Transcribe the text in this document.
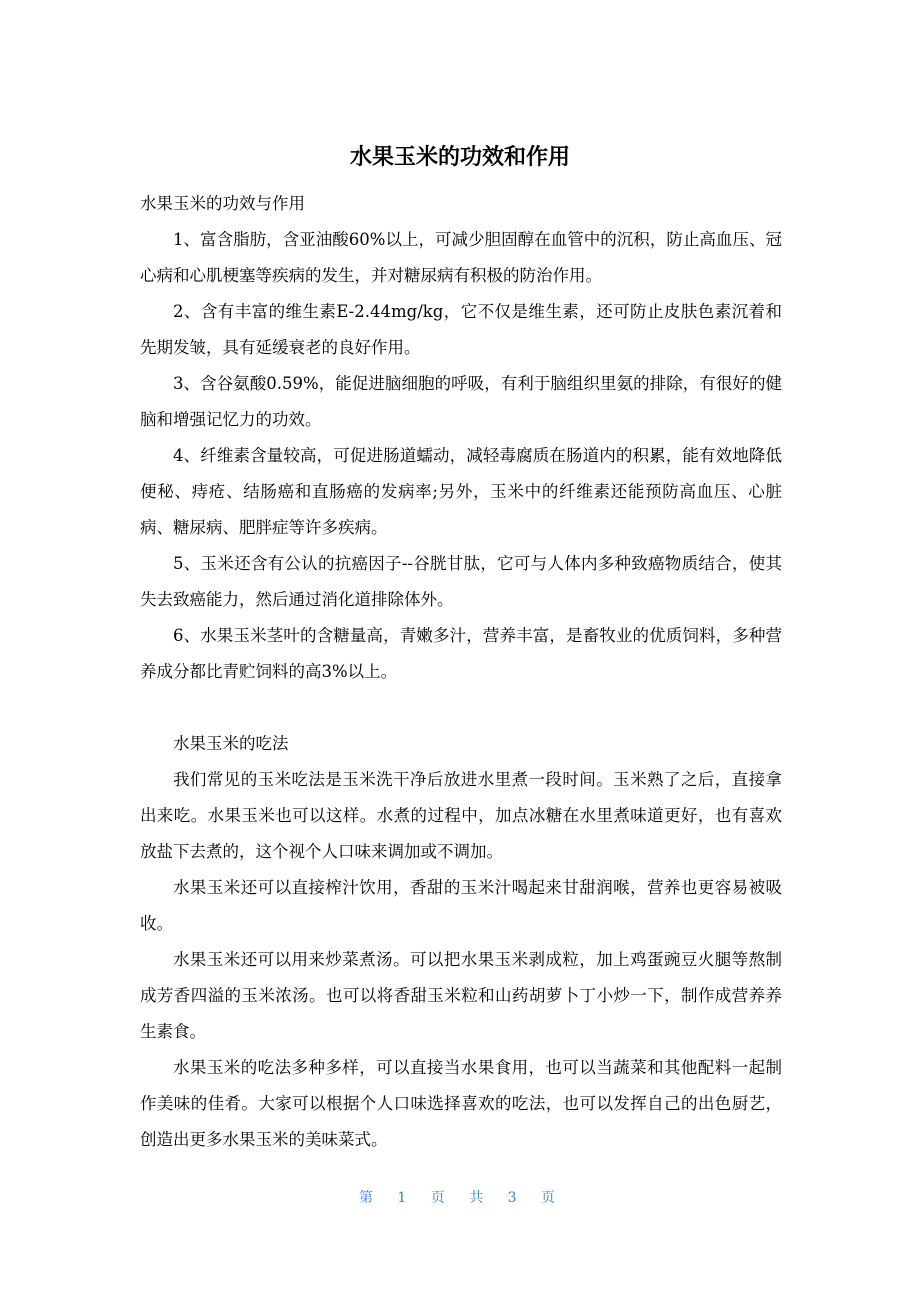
水果玉米的功效和作用

水果玉米的功效与作用

1、富含脂肪，含亚油酸60%以上，可减少胆固醇在血管中的沉积，防止高血压、冠心病和心肌梗塞等疾病的发生，并对糖尿病有积极的防治作用。

2、含有丰富的维生素E-2.44mg/kg，它不仅是维生素，还可防止皮肤色素沉着和先期发皱，具有延缓衰老的良好作用。

3、含谷氨酸0.59%，能促进脑细胞的呼吸，有利于脑组织里氨的排除，有很好的健脑和增强记忆力的功效。

4、纤维素含量较高，可促进肠道蠕动，减轻毒腐质在肠道内的积累，能有效地降低便秘、痔疮、结肠癌和直肠癌的发病率;另外，玉米中的纤维素还能预防高血压、心脏病、糖尿病、肥胖症等许多疾病。

5、玉米还含有公认的抗癌因子--谷胱甘肽，它可与人体内多种致癌物质结合，使其失去致癌能力，然后通过消化道排除体外。

6、水果玉米茎叶的含糖量高，青嫩多汁，营养丰富，是畜牧业的优质饲料，多种营养成分都比青贮饲料的高3%以上。

水果玉米的吃法

我们常见的玉米吃法是玉米洗干净后放进水里煮一段时间。玉米熟了之后，直接拿出来吃。水果玉米也可以这样。水煮的过程中，加点冰糖在水里煮味道更好，也有喜欢放盐下去煮的，这个视个人口味来调加或不调加。

水果玉米还可以直接榨汁饮用，香甜的玉米汁喝起来甘甜润喉，营养也更容易被吸收。

水果玉米还可以用来炒菜煮汤。可以把水果玉米剥成粒，加上鸡蛋豌豆火腿等熬制成芳香四溢的玉米浓汤。也可以将香甜玉米粒和山药胡萝卜丁小炒一下，制作成营养养生素食。

水果玉米的吃法多种多样，可以直接当水果食用，也可以当蔬菜和其他配料一起制作美味的佳肴。大家可以根据个人口味选择喜欢的吃法，也可以发挥自己的出色厨艺，创造出更多水果玉米的美味菜式。

第 1 页 共 3 页
